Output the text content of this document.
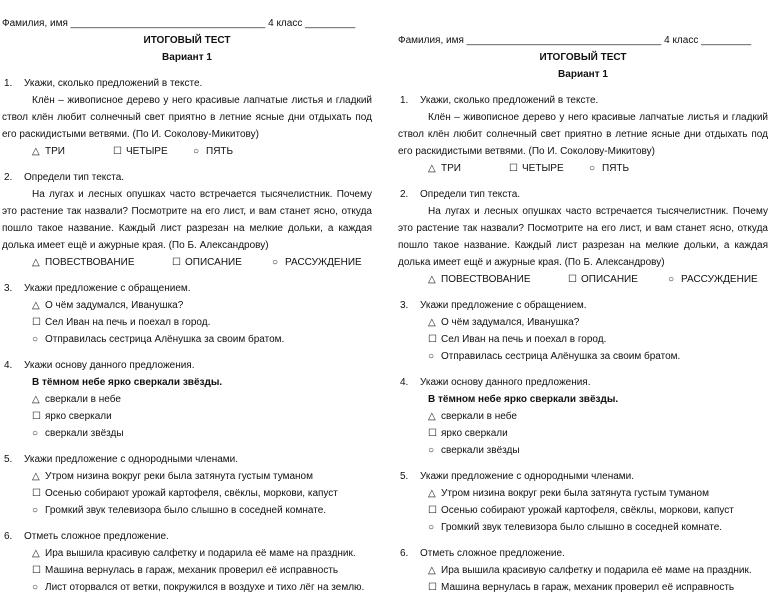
Фамилия, имя ___________________________________ 4 класс _________
ИТОГОВЫЙ ТЕСТ
Вариант 1
1. Укажи, сколько предложений в тексте.
Клён – живописное дерево у него красивые лапчатые листья и гладкий ствол клён любит солнечный свет приятно в летние ясные дни отдыхать под его раскидистыми ветвями. (По И. Соколову-Микитову)
△ ТРИ	☐ ЧЕТЫРЕ	○ ПЯТЬ
2. Определи тип текста.
На лугах и лесных опушках часто встречается тысячелистник. Почему это растение так назвали? Посмотрите на его лист, и вам станет ясно, откуда пошло такое название. Каждый лист разрезан на мелкие дольки, а каждая долька имеет ещё и ажурные края. (По Б. Александрову)
△ ПОВЕСТВОВАНИЕ	☐ ОПИСАНИЕ	○ РАССУЖДЕНИЕ
3. Укажи предложение с обращением.
△ О чём задумался, Иванушка?
☐ Сел Иван на печь и поехал в город.
○ Отправилась сестрица Алёнушка за своим братом.
4. Укажи основу данного предложения.
В тёмном небе ярко сверкали звёзды.
△ сверкали в небе
☐ ярко сверкали
○ сверкали звёзды
5. Укажи предложение с однородными членами.
△ Утром низина вокруг реки была затянута густым туманом
☐ Осенью собирают урожай картофеля, свёклы, моркови, капуст
○ Громкий звук телевизора было слышно в соседней комнате.
6. Отметь сложное предложение.
△ Ира вышила красивую салфетку и подарила её маме на праздник.
☐ Машина вернулась в гараж, механик проверил её исправность
○ Лист оторвался от ветки, покружился в воздухе и тихо лёг на землю.
Фамилия, имя ___________________________________ 4 класс _________
ИТОГОВЫЙ ТЕСТ
Вариант 1
1. Укажи, сколько предложений в тексте.
Клён – живописное дерево у него красивые лапчатые листья и гладкий ствол клён любит солнечный свет приятно в летние ясные дни отдыхать под его раскидистыми ветвями. (По И. Соколову-Микитову)
△ ТРИ	☐ ЧЕТЫРЕ	○ ПЯТЬ
2. Определи тип текста.
На лугах и лесных опушках часто встречается тысячелистник. Почему это растение так назвали? Посмотрите на его лист, и вам станет ясно, откуда пошло такое название. Каждый лист разрезан на мелкие дольки, а каждая долька имеет ещё и ажурные края. (По Б. Александрову)
△ ПОВЕСТВОВАНИЕ	☐ ОПИСАНИЕ	○ РАССУЖДЕНИЕ
3. Укажи предложение с обращением.
△ О чём задумался, Иванушка?
☐ Сел Иван на печь и поехал в город.
○ Отправилась сестрица Алёнушка за своим братом.
4. Укажи основу данного предложения.
В тёмном небе ярко сверкали звёзды.
△ сверкали в небе
☐ ярко сверкали
○ сверкали звёзды
5. Укажи предложение с однородными членами.
△ Утром низина вокруг реки была затянута густым туманом
☐ Осенью собирают урожай картофеля, свёклы, моркови, капуст
○ Громкий звук телевизора было слышно в соседней комнате.
6. Отметь сложное предложение.
△ Ира вышила красивую салфетку и подарила её маме на праздник.
☐ Машина вернулась в гараж, механик проверил её исправность
